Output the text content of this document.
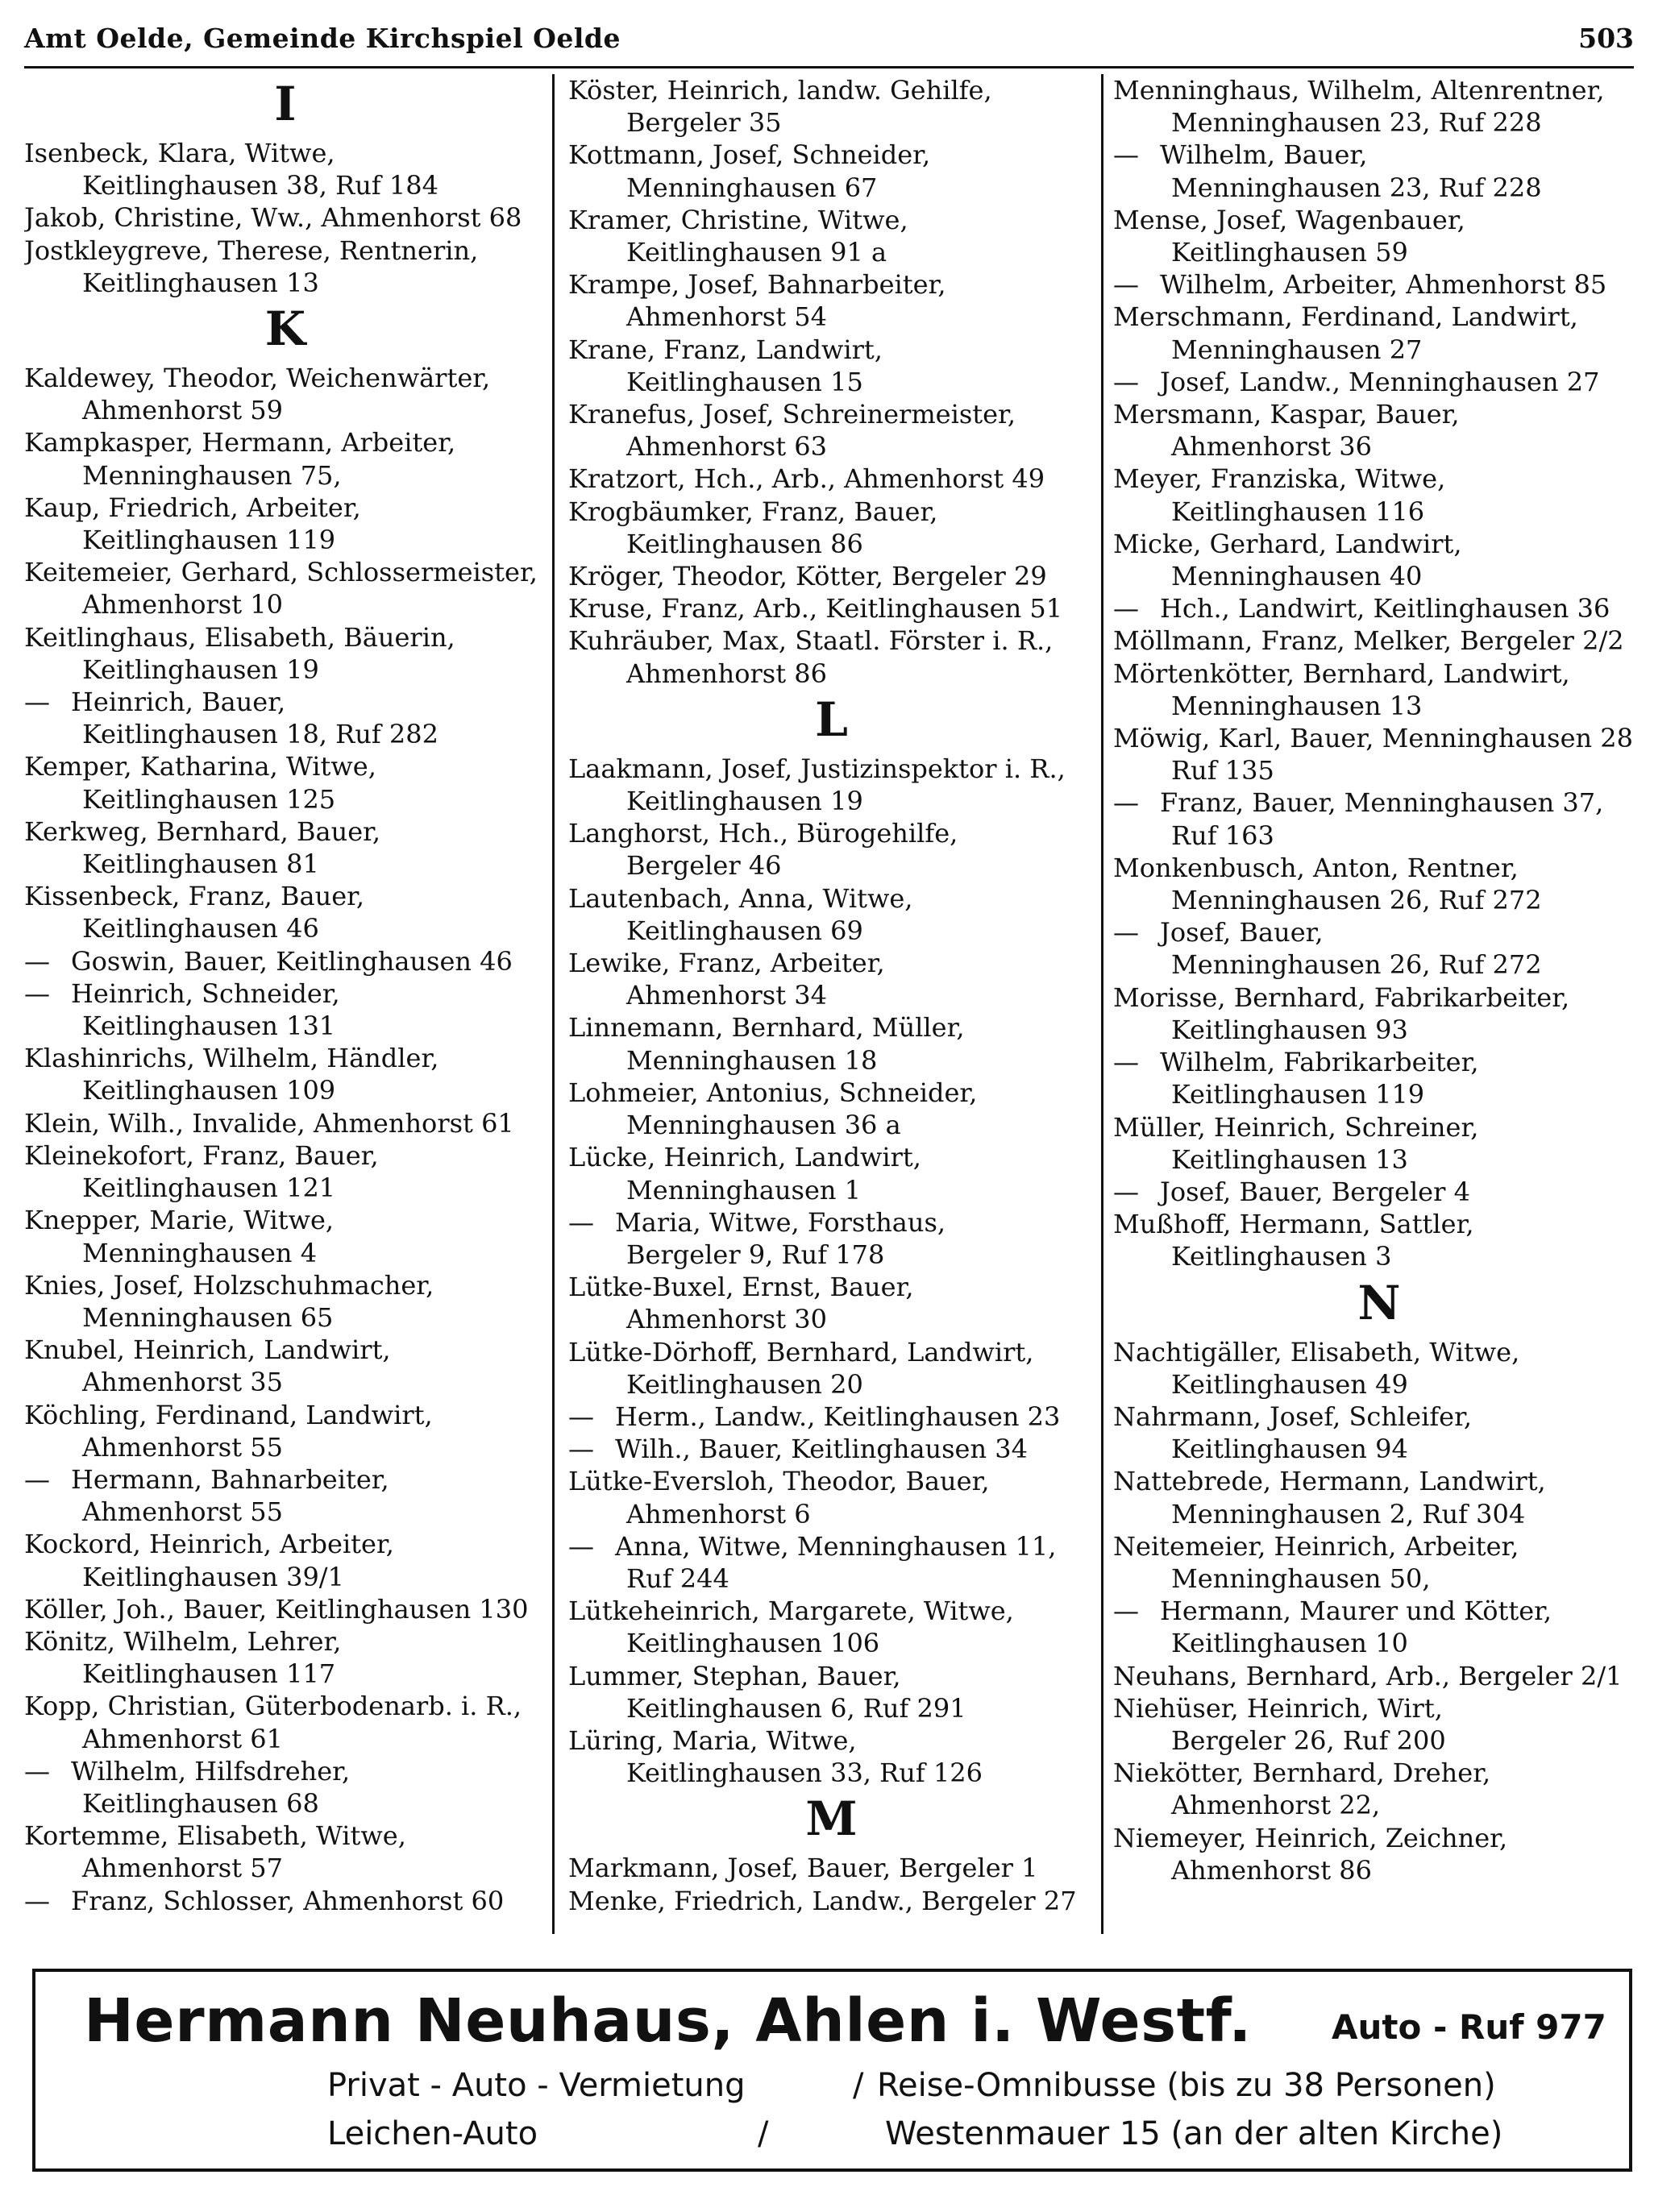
Amt Oelde, Gemeinde Kirchspiel Oelde	503
I
Isenbeck, Klara, Witwe,
Keitlinghausen 38, Ruf 184
Jakob, Christine, Ww., Ahmenhorst 68
Jostkleygreve, Therese, Rentnerin,
Keitlinghausen 13
K
Kaldewey, Theodor, Weichenwärter,
Ahmenhorst 59
Kampkasper, Hermann, Arbeiter,
Menninghausen 75,
Kaup, Friedrich, Arbeiter,
Keitlinghausen 119
Keitemeier, Gerhard, Schlossermeister,
Ahmenhorst 10
Keitlinghaus, Elisabeth, Bäuerin,
Keitlinghausen 19
— Heinrich, Bauer,
Keitlinghausen 18, Ruf 282
Kemper, Katharina, Witwe,
Keitlinghausen 125
Kerkweg, Bernhard, Bauer,
Keitlinghausen 81
Kissenbeck, Franz, Bauer,
Keitlinghausen 46
— Goswin, Bauer, Keitlinghausen 46
— Heinrich, Schneider,
Keitlinghausen 131
Klashinrichs, Wilhelm, Händler,
Keitlinghausen 109
Klein, Wilh., Invalide, Ahmenhorst 61
Kleinekofort, Franz, Bauer,
Keitlinghausen 121
Knepper, Marie, Witwe,
Menninghausen 4
Knies, Josef, Holzschuhmacher,
Menninghausen 65
Knubel, Heinrich, Landwirt,
Ahmenhorst 35
Köchling, Ferdinand, Landwirt,
Ahmenhorst 55
— Hermann, Bahnarbeiter,
Ahmenhorst 55
Kockord, Heinrich, Arbeiter,
Keitlinghausen 39/1
Köller, Joh., Bauer, Keitlinghausen 130
Könitz, Wilhelm, Lehrer,
Keitlinghausen 117
Kopp, Christian, Güterbodenarb. i. R.,
Ahmenhorst 61
— Wilhelm, Hilfsdreher,
Keitlinghausen 68
Kortemme, Elisabeth, Witwe,
Ahmenhorst 57
— Franz, Schlosser, Ahmenhorst 60
Köster, Heinrich, landw. Gehilfe,
Bergeler 35
Kottmann, Josef, Schneider,
Menninghausen 67
Kramer, Christine, Witwe,
Keitlinghausen 91 a
Krampe, Josef, Bahnarbeiter,
Ahmenhorst 54
Krane, Franz, Landwirt,
Keitlinghausen 15
Kranefus, Josef, Schreinermeister,
Ahmenhorst 63
Kratzort, Hch., Arb., Ahmenhorst 49
Krogbäumker, Franz, Bauer,
Keitlinghausen 86
Kröger, Theodor, Kötter, Bergeler 29
Kruse, Franz, Arb., Keitlinghausen 51
Kuhräuber, Max, Staatl. Förster i. R.,
Ahmenhorst 86
L
Laakmann, Josef, Justizinspektor i. R.,
Keitlinghausen 19
Langhorst, Hch., Bürogehilfe,
Bergeler 46
Lautenbach, Anna, Witwe,
Keitlinghausen 69
Lewike, Franz, Arbeiter,
Ahmenhorst 34
Linnemann, Bernhard, Müller,
Menninghausen 18
Lohmeier, Antonius, Schneider,
Menninghausen 36 a
Lücke, Heinrich, Landwirt,
Menninghausen 1
— Maria, Witwe, Forsthaus,
Bergeler 9, Ruf 178
Lütke-Buxel, Ernst, Bauer,
Ahmenhorst 30
Lütke-Dörhoff, Bernhard, Landwirt,
Keitlinghausen 20
— Herm., Landw., Keitlinghausen 23
— Wilh., Bauer, Keitlinghausen 34
Lütke-Eversloh, Theodor, Bauer,
Ahmenhorst 6
— Anna, Witwe, Menninghausen 11,
Ruf 244
Lütkeheinrich, Margarete, Witwe,
Keitlinghausen 106
Lummer, Stephan, Bauer,
Keitlinghausen 6, Ruf 291
Lüring, Maria, Witwe,
Keitlinghausen 33, Ruf 126
M
Markmann, Josef, Bauer, Bergeler 1
Menke, Friedrich, Landw., Bergeler 27
Menninghaus, Wilhelm, Altenrentner,
Menninghausen 23, Ruf 228
— Wilhelm, Bauer,
Menninghausen 23, Ruf 228
Mense, Josef, Wagenbauer,
Keitlinghausen 59
— Wilhelm, Arbeiter, Ahmenhorst 85
Merschmann, Ferdinand, Landwirt,
Menninghausen 27
— Josef, Landw., Menninghausen 27
Mersmann, Kaspar, Bauer,
Ahmenhorst 36
Meyer, Franziska, Witwe,
Keitlinghausen 116
Micke, Gerhard, Landwirt,
Menninghausen 40
— Hch., Landwirt, Keitlinghausen 36
Möllmann, Franz, Melker, Bergeler 2/2
Mörtenkötter, Bernhard, Landwirt,
Menninghausen 13
Möwig, Karl, Bauer, Menninghausen 28
Ruf 135
— Franz, Bauer, Menninghausen 37,
Ruf 163
Monkenbusch, Anton, Rentner,
Menninghausen 26, Ruf 272
— Josef, Bauer,
Menninghausen 26, Ruf 272
Morisse, Bernhard, Fabrikarbeiter,
Keitlinghausen 93
— Wilhelm, Fabrikarbeiter,
Keitlinghausen 119
Müller, Heinrich, Schreiner,
Keitlinghausen 13
— Josef, Bauer, Bergeler 4
Mußhoff, Hermann, Sattler,
Keitlinghausen 3
N
Nachtigäller, Elisabeth, Witwe,
Keitlinghausen 49
Nahrmann, Josef, Schleifer,
Keitlinghausen 94
Nattebrede, Hermann, Landwirt,
Menninghausen 2, Ruf 304
Neitemeier, Heinrich, Arbeiter,
Menninghausen 50,
— Hermann, Maurer und Kötter,
Keitlinghausen 10
Neuhans, Bernhard, Arb., Bergeler 2/1
Niehüser, Heinrich, Wirt,
Bergeler 26, Ruf 200
Niekötter, Bernhard, Dreher,
Ahmenhorst 22,
Niemeyer, Heinrich, Zeichner,
Ahmenhorst 86
Hermann Neuhaus, Ahlen i. Westf. Auto - Ruf 977
Privat - Auto - Vermietung	/ Reise-Omnibusse (bis zu 38 Personen)
Leichen-Auto	/	Westenmauer 15 (an der alten Kirche)
